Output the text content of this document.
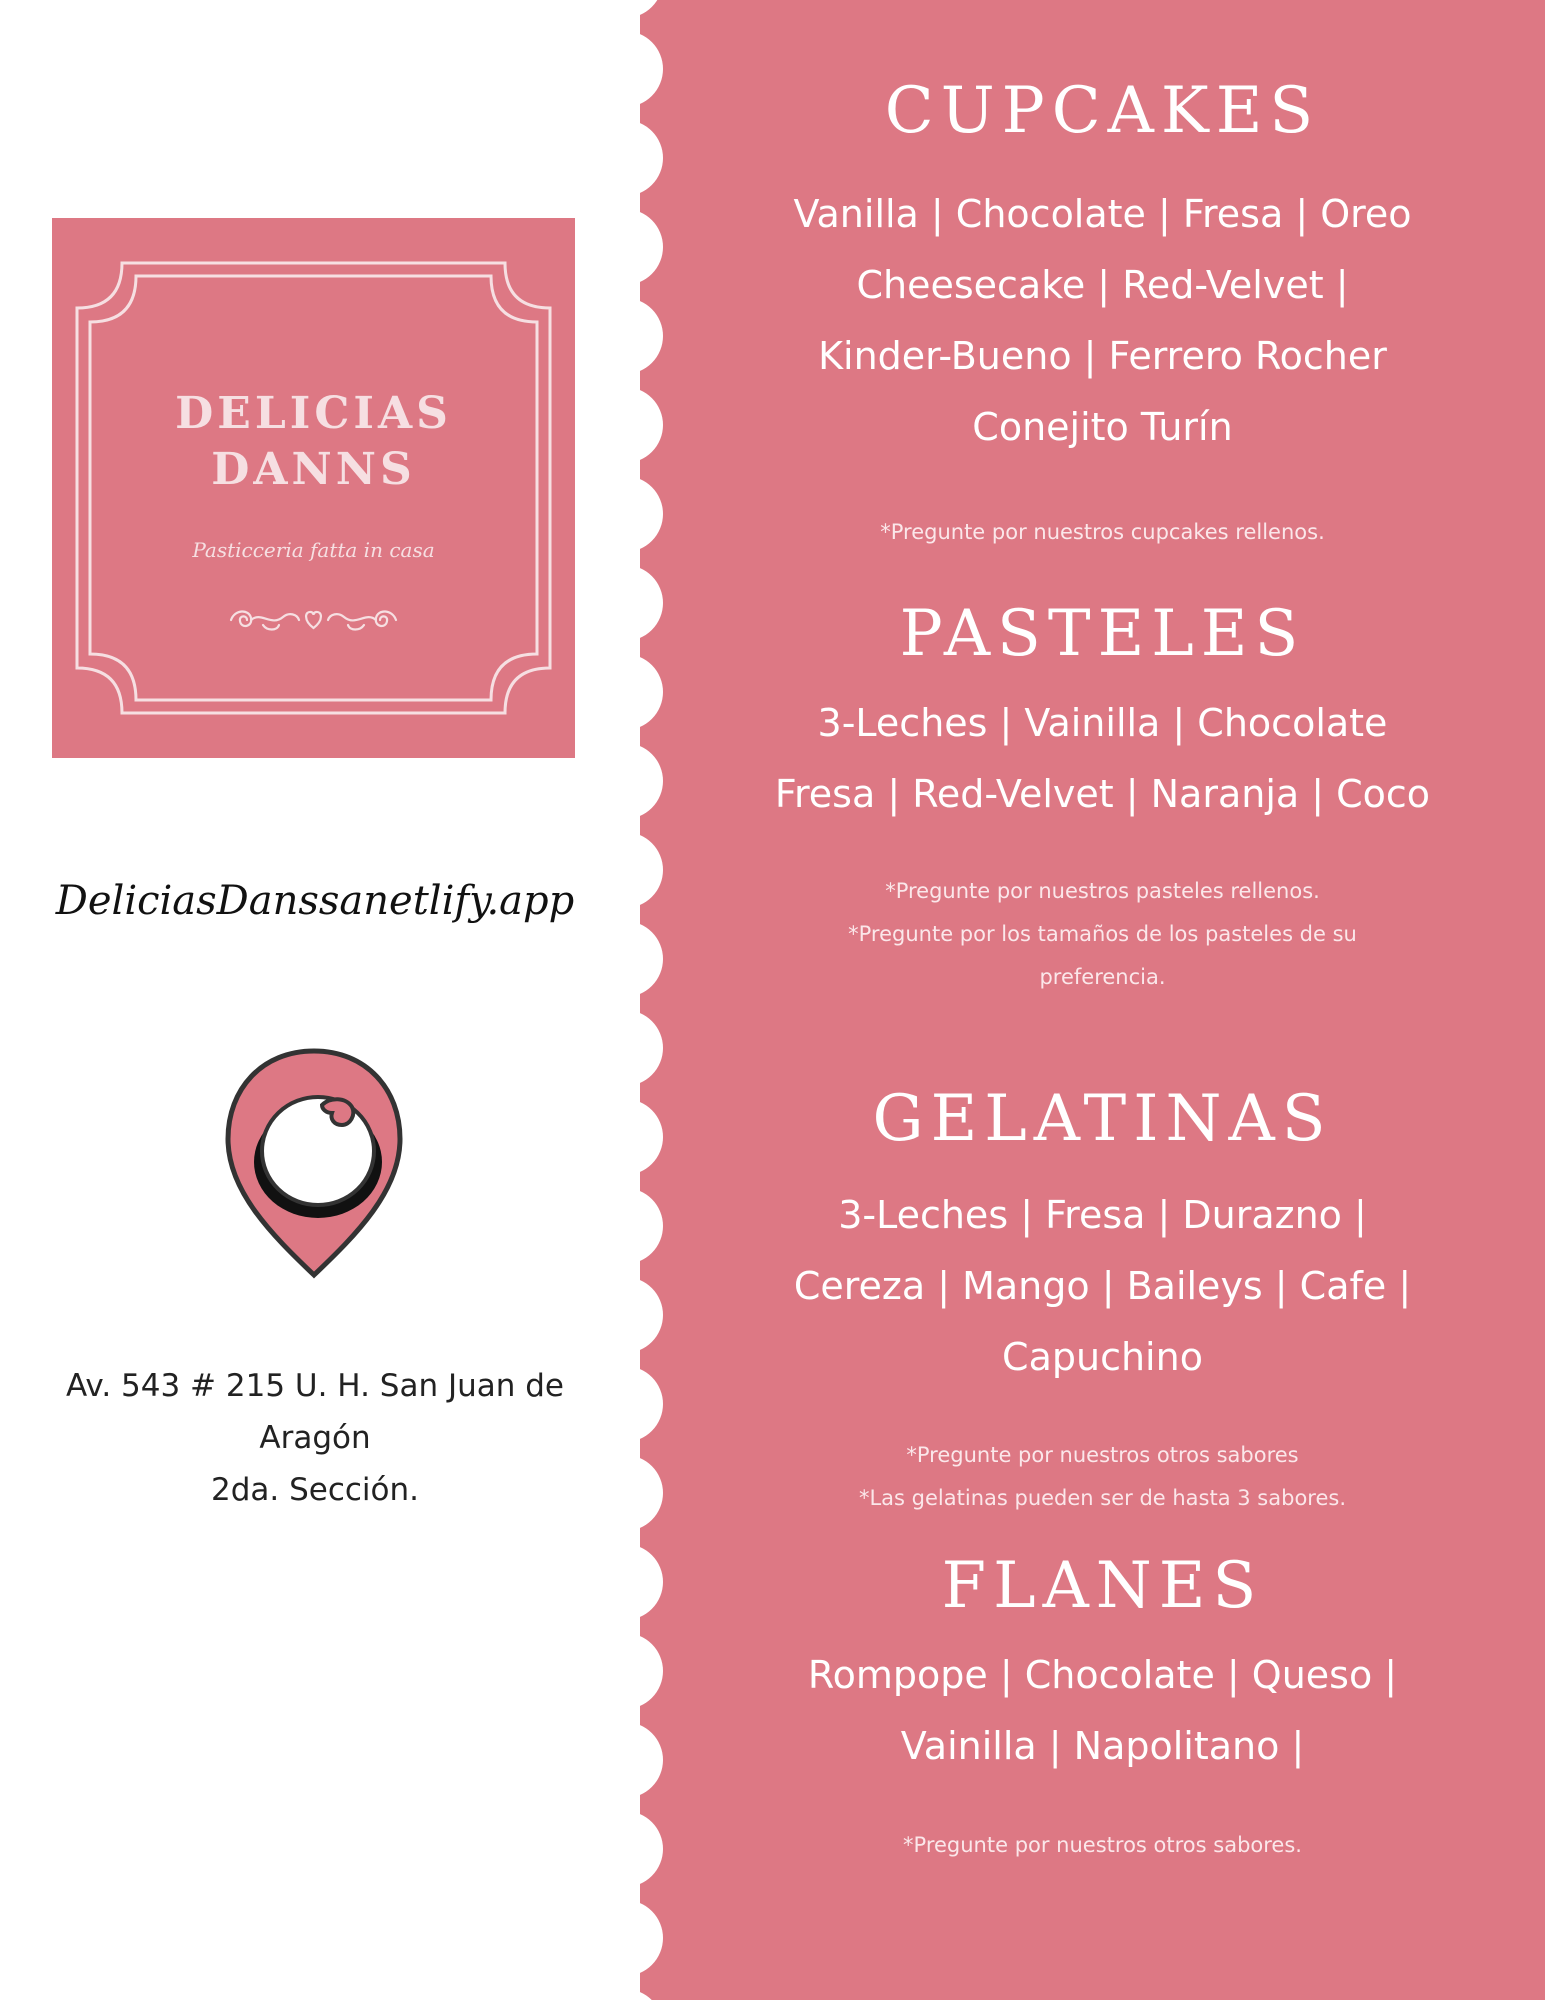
DELICIAS
DANNS
Pasticceria fatta in casa
DeliciasDanssanetlify.app
Av. 543 # 215 U. H. San Juan de
Aragón
2da. Sección.
CUPCAKES
Vanilla | Chocolate | Fresa | Oreo
Cheesecake | Red-Velvet |
Kinder-Bueno | Ferrero Rocher
Conejito Turín
*Pregunte por nuestros cupcakes rellenos.
PASTELES
3-Leches | Vainilla | Chocolate
Fresa | Red-Velvet | Naranja | Coco
*Pregunte por nuestros pasteles rellenos.
*Pregunte por los tamaños de los pasteles de su
preferencia.
GELATINAS
3-Leches | Fresa | Durazno |
Cereza | Mango | Baileys | Cafe |
Capuchino
*Pregunte por nuestros otros sabores
*Las gelatinas pueden ser de hasta 3 sabores.
FLANES
Rompope | Chocolate | Queso |
Vainilla | Napolitano |
*Pregunte por nuestros otros sabores.
